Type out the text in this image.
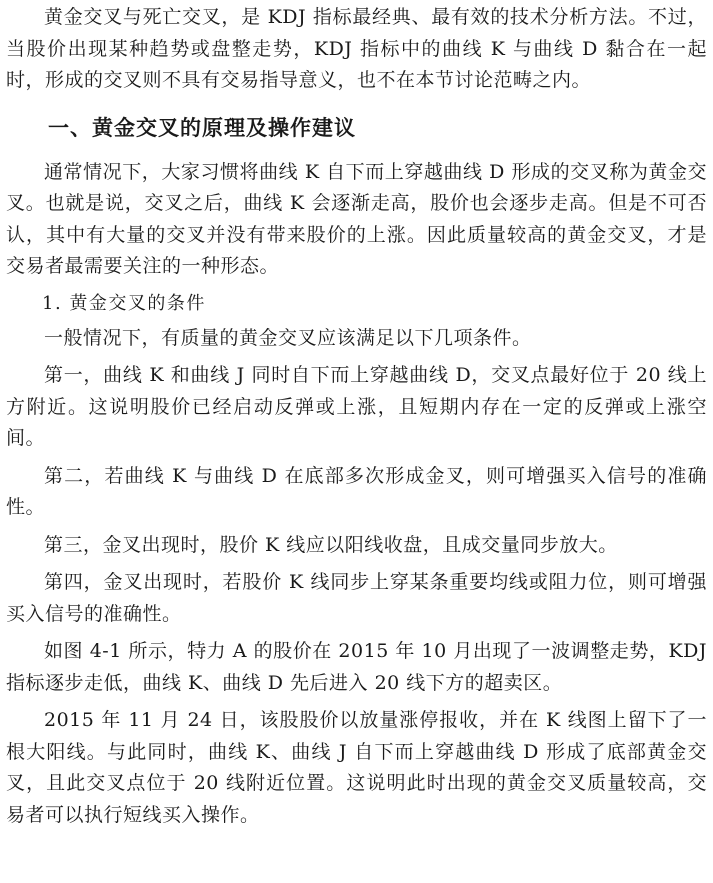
黄金交叉与死亡交叉，是 KDJ 指标最经典、最有效的技术分析方法。不过，当股价出现某种趋势或盘整走势，KDJ 指标中的曲线 K 与曲线 D 黏合在一起时，形成的交叉则不具有交易指导意义，也不在本节讨论范畴之内。

一、黄金交叉的原理及操作建议

通常情况下，大家习惯将曲线 K 自下而上穿越曲线 D 形成的交叉称为黄金交叉。也就是说，交叉之后，曲线 K 会逐渐走高，股价也会逐步走高。但是不可否认，其中有大量的交叉并没有带来股价的上涨。因此质量较高的黄金交叉，才是交易者最需要关注的一种形态。

1. 黄金交叉的条件

一般情况下，有质量的黄金交叉应该满足以下几项条件。

第一，曲线 K 和曲线 J 同时自下而上穿越曲线 D，交叉点最好位于 20 线上方附近。这说明股价已经启动反弹或上涨，且短期内存在一定的反弹或上涨空间。

第二，若曲线 K 与曲线 D 在底部多次形成金叉，则可增强买入信号的准确性。

第三，金叉出现时，股价 K 线应以阳线收盘，且成交量同步放大。

第四，金叉出现时，若股价 K 线同步上穿某条重要均线或阻力位，则可增强买入信号的准确性。

如图 4-1 所示，特力 A 的股价在 2015 年 10 月出现了一波调整走势，KDJ 指标逐步走低，曲线 K、曲线 D 先后进入 20 线下方的超卖区。

2015 年 11 月 24 日，该股股价以放量涨停报收，并在 K 线图上留下了一根大阳线。与此同时，曲线 K、曲线 J 自下而上穿越曲线 D 形成了底部黄金交叉，且此交叉点位于 20 线附近位置。这说明此时出现的黄金交叉质量较高，交易者可以执行短线买入操作。
